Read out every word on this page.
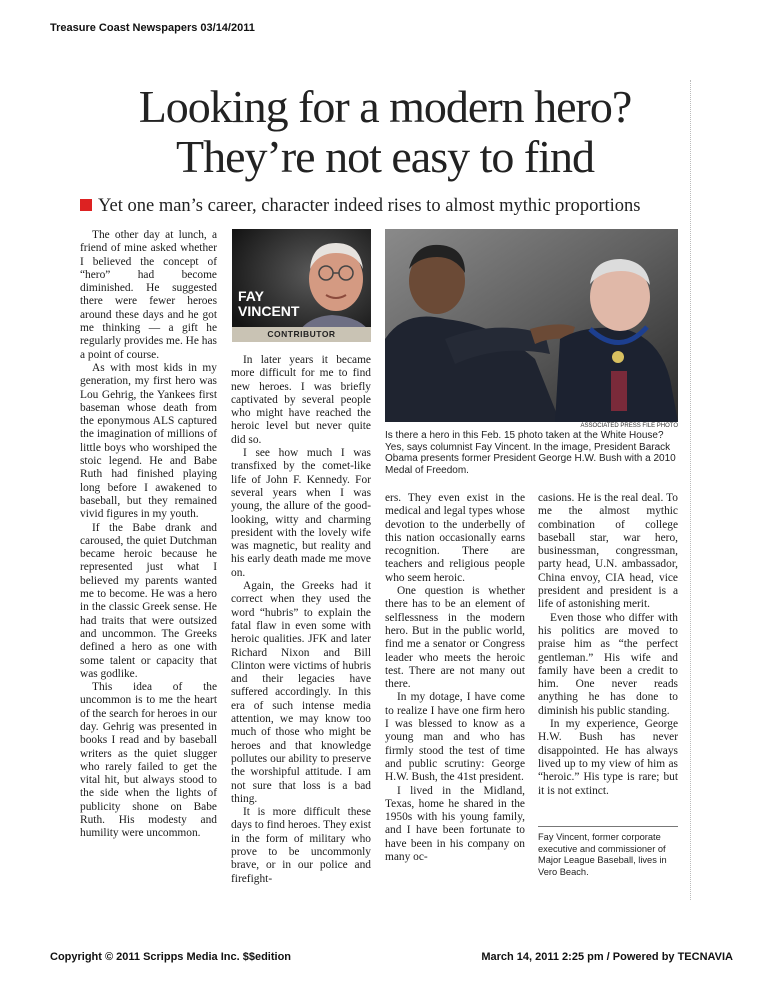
Treasure Coast Newspapers 03/14/2011
Looking for a modern hero?
They’re not easy to find
Yet one man’s career, character indeed rises to almost mythic proportions

The other day at lunch, a friend of mine asked whether I believed the concept of “hero” had become diminished. He suggested there were fewer heroes around these days and he got me thinking — a gift he regularly provides me. He has a point of course.

As with most kids in my generation, my first hero was Lou Gehrig, the Yankees first baseman whose death from the eponymous ALS captured the imagination of millions of little boys who worshiped the stoic legend. He and Babe Ruth had finished playing long before I awakened to baseball, but they remained vivid figures in my youth.

If the Babe drank and caroused, the quiet Dutchman became heroic because he represented just what I believed my parents wanted me to become. He was a hero in the classic Greek sense. He had traits that were outsized and uncommon. The Greeks defined a hero as one with some talent or capacity that was godlike.

This idea of the uncommon is to me the heart of the search for heroes in our day. Gehrig was presented in books I read and by baseball writers as the quiet slugger who rarely failed to get the vital hit, but always stood to the side when the lights of publicity shone on Babe Ruth. His modesty and humility were uncommon.

FAY
VINCENT
CONTRIBUTOR

In later years it became more difficult for me to find new heroes. I was briefly captivated by several people who might have reached the heroic level but never quite did so.

I see how much I was transfixed by the comet-like life of John F. Kennedy. For several years when I was young, the allure of the good-looking, witty and charming president with the lovely wife was magnetic, but reality and his early death made me move on.

Again, the Greeks had it correct when they used the word “hubris” to explain the fatal flaw in even some with heroic qualities. JFK and later Richard Nixon and Bill Clinton were victims of hubris and their legacies have suffered accordingly. In this era of such intense media attention, we may know too much of those who might be heroes and that knowledge pollutes our ability to preserve the worshipful attitude. I am not sure that loss is a bad thing.

It is more difficult these days to find heroes. They exist in the form of military who prove to be uncommonly brave, or in our police and firefight-

ASSOCIATED PRESS FILE PHOTO
Is there a hero in this Feb. 15 photo taken at the White House? Yes, says columnist Fay Vincent. In the image, President Barack Obama presents former President George H.W. Bush with a 2010 Medal of Freedom.

ers. They even exist in the medical and legal types whose devotion to the underbelly of this nation occasionally earns recognition. There are teachers and religious people who seem heroic.

One question is whether there has to be an element of selflessness in the modern hero. But in the public world, find me a senator or Congress leader who meets the heroic test. There are not many out there.

In my dotage, I have come to realize I have one firm hero I was blessed to know as a young man and who has firmly stood the test of time and public scrutiny: George H.W. Bush, the 41st president.

I lived in the Midland, Texas, home he shared in the 1950s with his young family, and I have been fortunate to have been in his company on many oc-

casions. He is the real deal. To me the almost mythic combination of college baseball star, war hero, businessman, congressman, party head, U.N. ambassador, China envoy, CIA head, vice president and president is a life of astonishing merit.

Even those who differ with his politics are moved to praise him as “the perfect gentleman.” His wife and family have been a credit to him. One never reads anything he has done to diminish his public standing.

In my experience, George H.W. Bush has never disappointed. He has always lived up to my view of him as “heroic.” His type is rare; but it is not extinct.

Fay Vincent, former corporate executive and commissioner of Major League Baseball, lives in Vero Beach.
Copyright © 2011 Scripps Media Inc. $$edition	March 14, 2011 2:25 pm / Powered by TECNAVIA
